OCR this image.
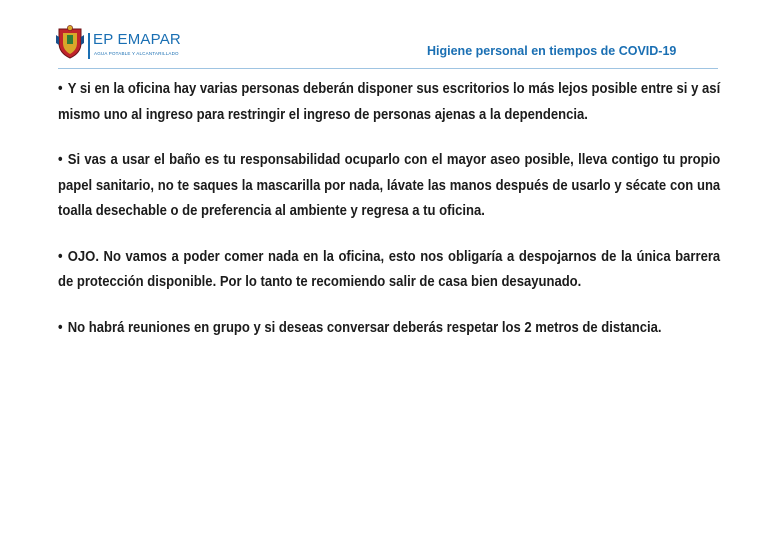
EP EMAPAR
AGUA POTABLE Y ALCANTARILLADO	Higiene personal en tiempos de COVID-19

• Y si en la oficina hay varias personas deberán disponer sus escritorios lo más lejos posible entre si y así mismo uno al ingreso para restringir el ingreso de personas ajenas a la dependencia.

• Si vas a usar el baño es tu responsabilidad ocuparlo con el mayor aseo posible, lleva contigo tu propio papel sanitario, no te saques la mascarilla por nada, lávate las manos después de usarlo y sécate con una toalla desechable o de preferencia al ambiente y regresa a tu oficina.

• OJO. No vamos a poder comer nada en la oficina, esto nos obligaría a despojarnos de la única barrera de protección disponible. Por lo tanto te recomiendo salir de casa bien desayunado.

• No habrá reuniones en grupo y si deseas conversar deberás respetar los 2 metros de distancia.
